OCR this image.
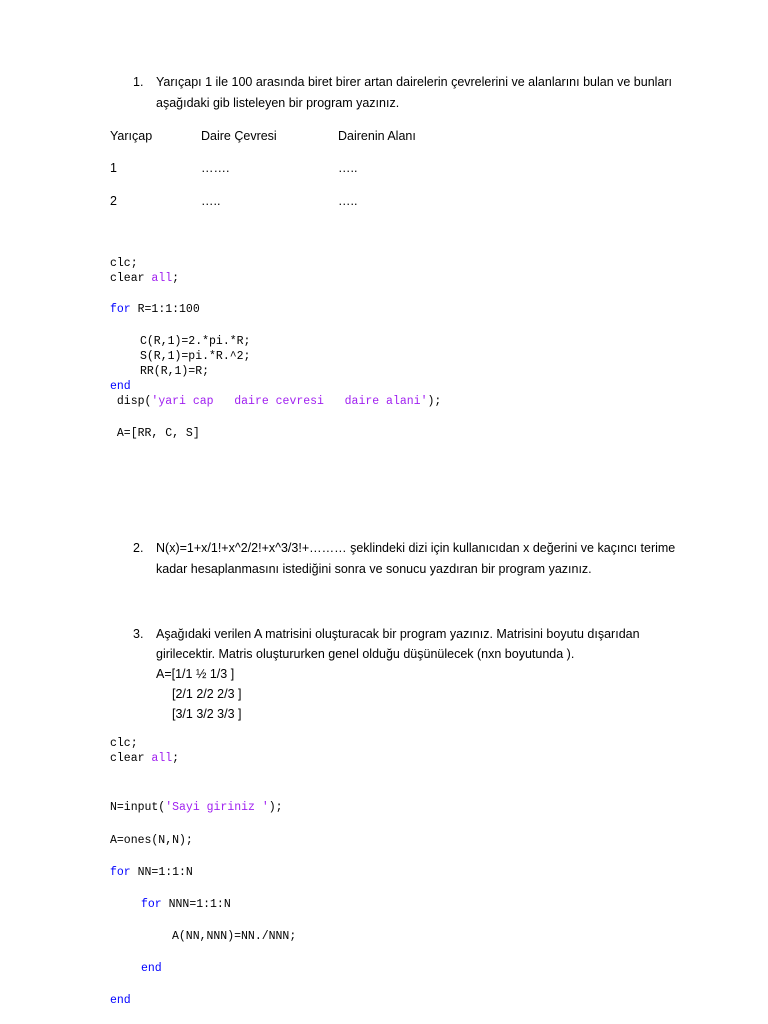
1. Yarıçapı 1 ile 100 arasında biret birer artan dairelerin çevrelerini ve alanlarını bulan ve bunları
aşağıdaki gib listeleyen bir program yazınız.
Yarıçap	Daire Çevresi	Dairenin Alanı
1	…….	…..
2	…..	…..
clc;
clear all;
for R=1:1:100
C(R,1)=2.*pi.*R;
S(R,1)=pi.*R.^2;
RR(R,1)=R;
end
disp('yari cap   daire cevresi   daire alani');
A=[RR, C, S]
2. N(x)=1+x/1!+x^2/2!+x^3/3!+……… şeklindeki dizi için kullanıcıdan x değerini ve kaçıncı terime
kadar hesaplanmasını istediğini sonra ve sonucu yazdıran bir program yazınız.
3. Aşağıdaki verilen A matrisini oluşturacak bir program yazınız. Matrisini boyutu dışarıdan
girilecektir. Matris oluştururken genel olduğu düşünülecek (nxn boyutunda ).
A=[1/1 ½ 1/3 ]
[2/1 2/2 2/3 ]
[3/1 3/2 3/3 ]
clc;
clear all;
N=input('Sayi giriniz ');
A=ones(N,N);
for NN=1:1:N
for NNN=1:1:N
A(NN,NNN)=NN./NNN;
end
end
